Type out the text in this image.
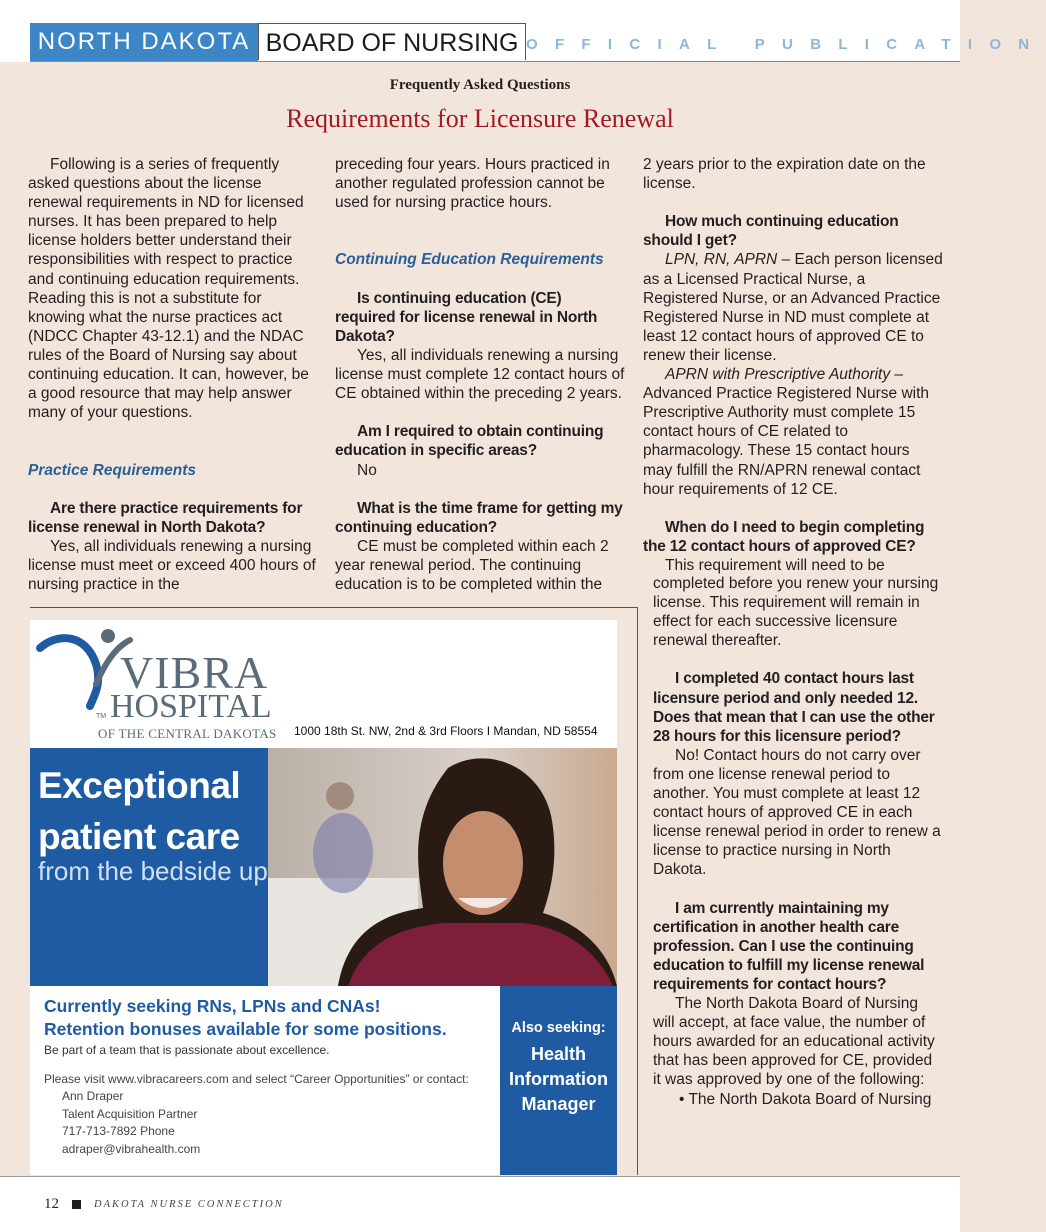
NORTH DAKOTA BOARD OF NURSING OFFICIAL PUBLICATION
Frequently Asked Questions
Requirements for Licensure Renewal

Following is a series of frequently asked questions about the license renewal requirements in ND for licensed nurses. It has been prepared to help license holders better understand their responsibilities with respect to practice and continuing education requirements. Reading this is not a substitute for knowing what the nurse practices act (NDCC Chapter 43-12.1) and the NDAC rules of the Board of Nursing say about continuing education. It can, however, be a good resource that may help answer many of your questions.

Practice Requirements

Are there practice requirements for license renewal in North Dakota?

Yes, all individuals renewing a nursing license must meet or exceed 400 hours of nursing practice in the

preceding four years. Hours practiced in another regulated profession cannot be used for nursing practice hours.

Continuing Education Requirements

Is continuing education (CE) required for license renewal in North Dakota?

Yes, all individuals renewing a nursing license must complete 12 contact hours of CE obtained within the preceding 2 years.

Am I required to obtain continuing education in specific areas?

No

What is the time frame for getting my continuing education?

CE must be completed within each 2 year renewal period. The continuing education is to be completed within the

2 years prior to the expiration date on the license.

How much continuing education should I get?

LPN, RN, APRN – Each person licensed as a Licensed Practical Nurse, a Registered Nurse, or an Advanced Practice Registered Nurse in ND must complete at least 12 contact hours of approved CE to renew their license.

APRN with Prescriptive Authority – Advanced Practice Registered Nurse with Prescriptive Authority must complete 15 contact hours of CE related to pharmacology. These 15 contact hours may fulfill the RN/APRN renewal contact hour requirements of 12 CE.

When do I need to begin completing the 12 contact hours of approved CE?

This requirement will need to be

completed before you renew your nursing license. This requirement will remain in effect for each successive licensure renewal thereafter.

I completed 40 contact hours last licensure period and only needed 12. Does that mean that I can use the other 28 hours for this licensure period?

No! Contact hours do not carry over from one license renewal period to another. You must complete at least 12 contact hours of approved CE in each license renewal period in order to renew a license to practice nursing in North Dakota.

I am currently maintaining my certification in another health care profession. Can I use the continuing education to fulfill my license renewal requirements for contact hours?

The North Dakota Board of Nursing will accept, at face value, the number of hours awarded for an educational activity that has been approved for CE, provided it was approved by one of the following:

• The North Dakota Board of Nursing

VIBRA
HOSPITAL
TM
OF THE CENTRAL DAKOTAS 1000 18th St. NW, 2nd & 3rd Floors I Mandan, ND 58554
Exceptional patient care
from the bedside up
Currently seeking RNs, LPNs and CNAs!
Retention bonuses available for some positions.
Be part of a team that is passionate about excellence.
Please visit www.vibracareers.com and select “Career Opportunities” or contact:
Ann Draper
Talent Acquisition Partner
717-713-7892 Phone
adraper@vibrahealth.com
Also seeking:
Health Information Manager
12	DAKOTA NURSE CONNECTION
